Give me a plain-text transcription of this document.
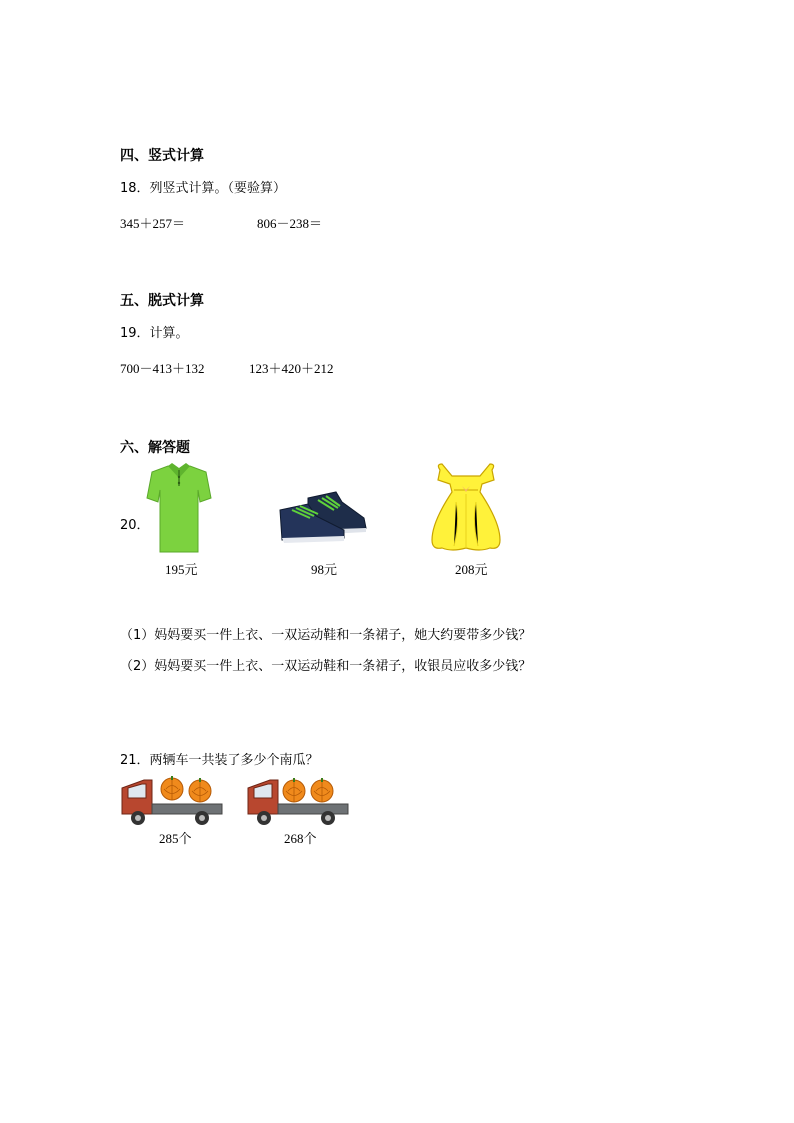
四、竖式计算
18．列竖式计算。（要验算）
345＋257＝	806－238＝
五、脱式计算
19．计算。
700－413＋132	123＋420＋212
六、解答题
20．
195元	98元	208元
（1）妈妈要买一件上衣、一双运动鞋和一条裙子，她大约要带多少钱？
（2）妈妈要买一件上衣、一双运动鞋和一条裙子，收银员应收多少钱？
21．两辆车一共装了多少个南瓜？
285个	268个
